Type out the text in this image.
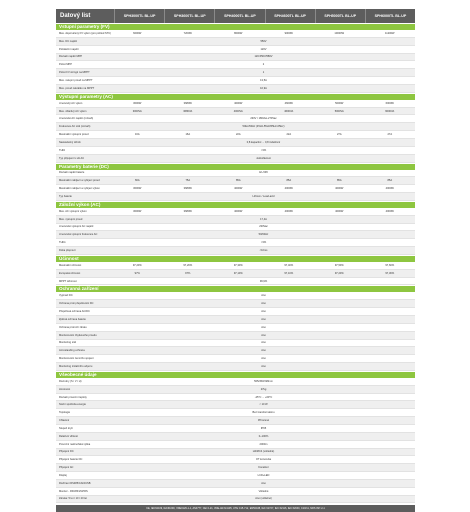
Datový list	SPH3000TL BL-UP	SPH3600TL BL-UP	SPH4000TL BL-UP	SPH4600TL BL-UP	SPH5000TL BL-UP	SPH6000TL BL-UP
Vstupní parametry (FV)
Max. doporučený FV výkon (pro pohled STC)	6000W	7200W	8000W	9000W	10000W	11200W
Max. DC napětí	550V
Počáteční napětí	120V
Rozsah napětí MPP	120-550V/580V
Počet MPP	2
Počet FV stringů na MPPT	1
Max. vstupní proud na MPPT	13,5A
Max. proud nakrátko na MPPT	16,9A
Výstupní parametry (AC)
Jmenovitý AC výkon	3000W	3680W	4000W	4600W	5000W	6000W
Max. zdánlivý AC výkon	3000VA	3680VA	4000VA	4600VA	5000VA	6000VA
Jmenovité AC napětí (rozsah)	230V / 180Vac-270Vac
Frekvence AC sítě (rozsah)	50Hz/60Hz (45Hz-55Hz/55Hz-65Hz)
Maximální výstupní proud	16A	16A	22A	22A	27A	27A
Nastavitelný účiník	0,8 kapacitní ... 0,8 induktivní
THDi	<3%
Typ připojení k síti AC	Jednofázové
Parametry baterie (DC)
Rozsah napětí baterie	42~59V
Maximální nabíjecí a vybíjecí proud	66A	75A	85A	85A	85A	85A
Maximální nabíjecí a vybíjecí výkon	3000W	3680W	4000W	4000W	4000W	4000W
Typ baterie	Lithium / Lead-acid
Záložní výkon (AC)
Max. AC výstupní výkon	3000W	3680W	4000W	4000W	4000W	4000W
Max. výstupní proud	17,4A
Jmenovité výstupní AC napětí	230Vac
Jmenovitá výstupní frekvence AC	50/60Hz
THDv	<3%
Doba přepnutí	<10ms
Účinnost
Maximální účinnost	97,20%	97,20%	97,30%	97,40%	97,50%	97,60%
Evropská účinnost	97%	97%	97,10%	97,10%	97,20%	97,30%
MPPT účinnost	99,9%
Ochranná zařízení
Vypínač DC	Ano
Ochrana proti přepólování DC	Ano
Přepěťová ochrana AC/DC	Ano
Zpětná ochrana baterie	Ano
Ochrana proti AC zkratu	Ano
Monitorování zbytkového proudu	Ano
Monitoring sítě	Ano
Anti-islanding ochrana	Ano
Monitorování zemního spojení	Ano
Monitoring izolačního odporu	Ano
Všeobecné údaje
Rozměry (Š / V / H)	505/453/198mm
Hmotnost	27kg
Rozsah provozní teploty	-25°C ... +60°C
Noční spotřeba energie	< 10 W
Topologie	Bez transformátoru
Chlazení	Přirozené
Stupeň krytí	IP65
Relativní vlhkost	0~100%
Provozní nadmořská výška	2000m
Připojení DC	H4/MC4 (volitelné)
Připojení baterie DC	OT koncovka
Připojení AC	Konektor
Displej	LCD+LED
Rozhraní RS485/CAN/USB	Ano
Monitor - RF/WIFI/GPRS	Volitelné
Záruka: 5 let / 10 / 20 let	Ano (volitelné)
CE, IEC62109, IEC61000, VDE0126-1-1, AS4777, CEI 0-21, VDE-AR-N4105, UTE C15-712, EN50438, IEC 61727, IEC 62116, IEC 62040, C10/11, NRS 097-2-1
